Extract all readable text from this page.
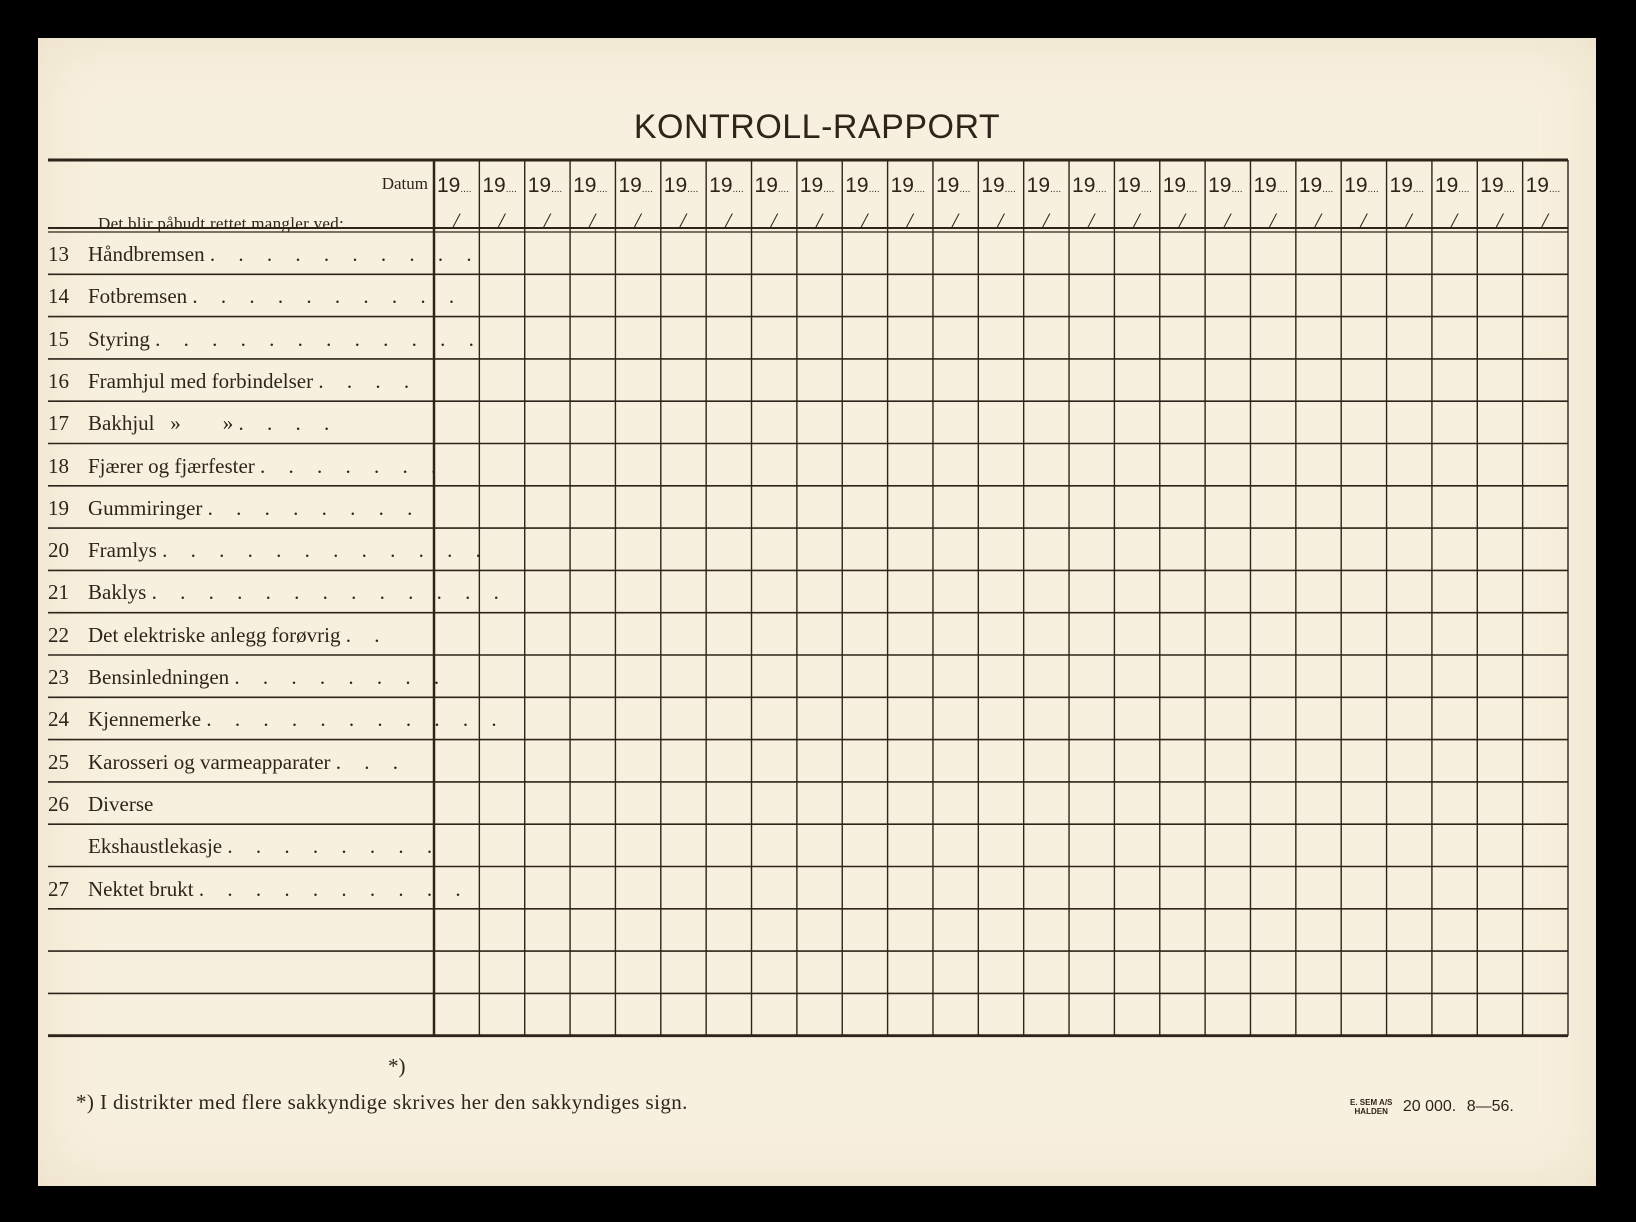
KONTROLL-RAPPORT
Datum
Det blir påbudt rettet mangler ved:
19....
/
19....
/
19....
/
19....
/
19....
/
19....
/
19....
/
19....
/
19....
/
19....
/
19....
/
19....
/
19....
/
19....
/
19....
/
19....
/
19....
/
19....
/
19....
/
19....
/
19....
/
19....
/
19....
/
19....
/
19....
/
13 Håndbremsen . . . . . . . . . .
14 Fotbremsen . . . . . . . . . .
15 Styring . . . . . . . . . . . .
16 Framhjul med forbindelser . . . .
17 Bakhjul   »        » . . . .
18 Fjærer og fjærfester . . . . . . .
19 Gummiringer . . . . . . . .
20 Framlys . . . . . . . . . . . .
21 Baklys . . . . . . . . . . . . .
22 Det elektriske anlegg forøvrig . .
23 Bensinledningen . . . . . . . .
24 Kjennemerke . . . . . . . . . . .
25 Karosseri og varmeapparater . . .
26 Diverse
Ekshaustlekasje . . . . . . . .
27 Nektet brukt . . . . . . . . . .
*)
*) I distrikter med flere sakkyndige skrives her den sakkyndiges sign.	E. SEM A/S
HALDEN 20 000. 8—56.
